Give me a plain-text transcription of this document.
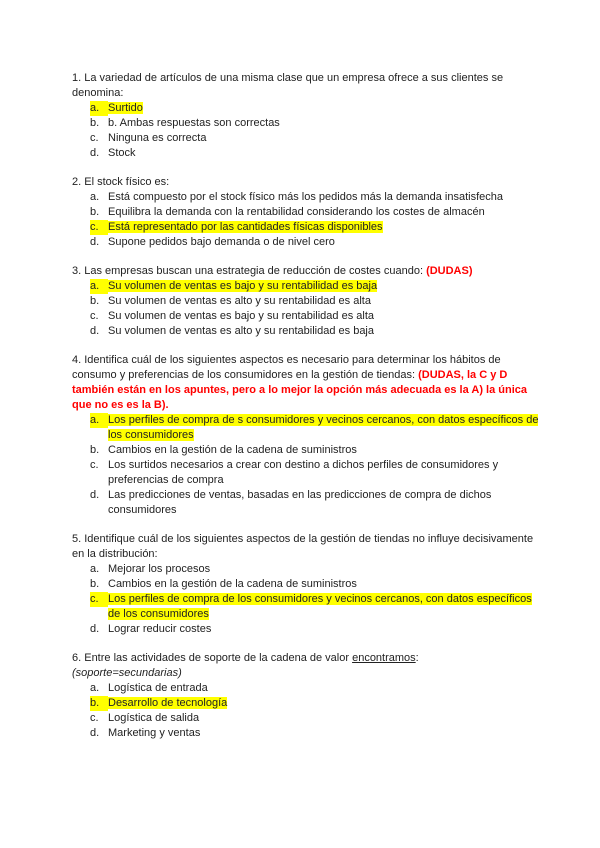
1. La variedad de artículos de una misma clase que un empresa ofrece a sus clientes se denomina:
a. Surtido
b. b. Ambas respuestas son correctas
c. Ninguna es correcta
d. Stock
2. El stock físico es:
a. Está compuesto por el stock físico más los pedidos más la demanda insatisfecha
b. Equilibra la demanda con la rentabilidad considerando los costes de almacén
c. Está representado por las cantidades físicas disponibles
d. Supone pedidos bajo demanda o de nivel cero
3. Las empresas buscan una estrategia de reducción de costes cuando: (DUDAS)
a. Su volumen de ventas es bajo y su rentabilidad es baja
b. Su volumen de ventas es alto y su rentabilidad es alta
c. Su volumen de ventas es bajo y su rentabilidad es alta
d. Su volumen de ventas es alto y su rentabilidad es baja
4. Identifica cuál de los siguientes aspectos es necesario para determinar los hábitos de consumo y preferencias de los consumidores en la gestión de tiendas: (DUDAS, la C y D también están en los apuntes, pero a lo mejor la opción más adecuada es la A) la única que no es es la B).
a. Los perfiles de compra de s consumidores y vecinos cercanos, con datos específicos de los consumidores
b. Cambios en la gestión de la cadena de suministros
c. Los surtidos necesarios a crear con destino a dichos perfiles de consumidores y preferencias de compra
d. Las predicciones de ventas, basadas en las predicciones de compra de dichos consumidores
5. Identifique cuál de los siguientes aspectos de la gestión de tiendas no influye decisivamente en la distribución:
a. Mejorar los procesos
b. Cambios en la gestión de la cadena de suministros
c. Los perfiles de compra de los consumidores y vecinos cercanos, con datos específicos de los consumidores
d. Lograr reducir costes
6. Entre las actividades de soporte de la cadena de valor encontramos:
(soporte=secundarias)
a. Logística de entrada
b. Desarrollo de tecnología
c. Logística de salida
d. Marketing y ventas
